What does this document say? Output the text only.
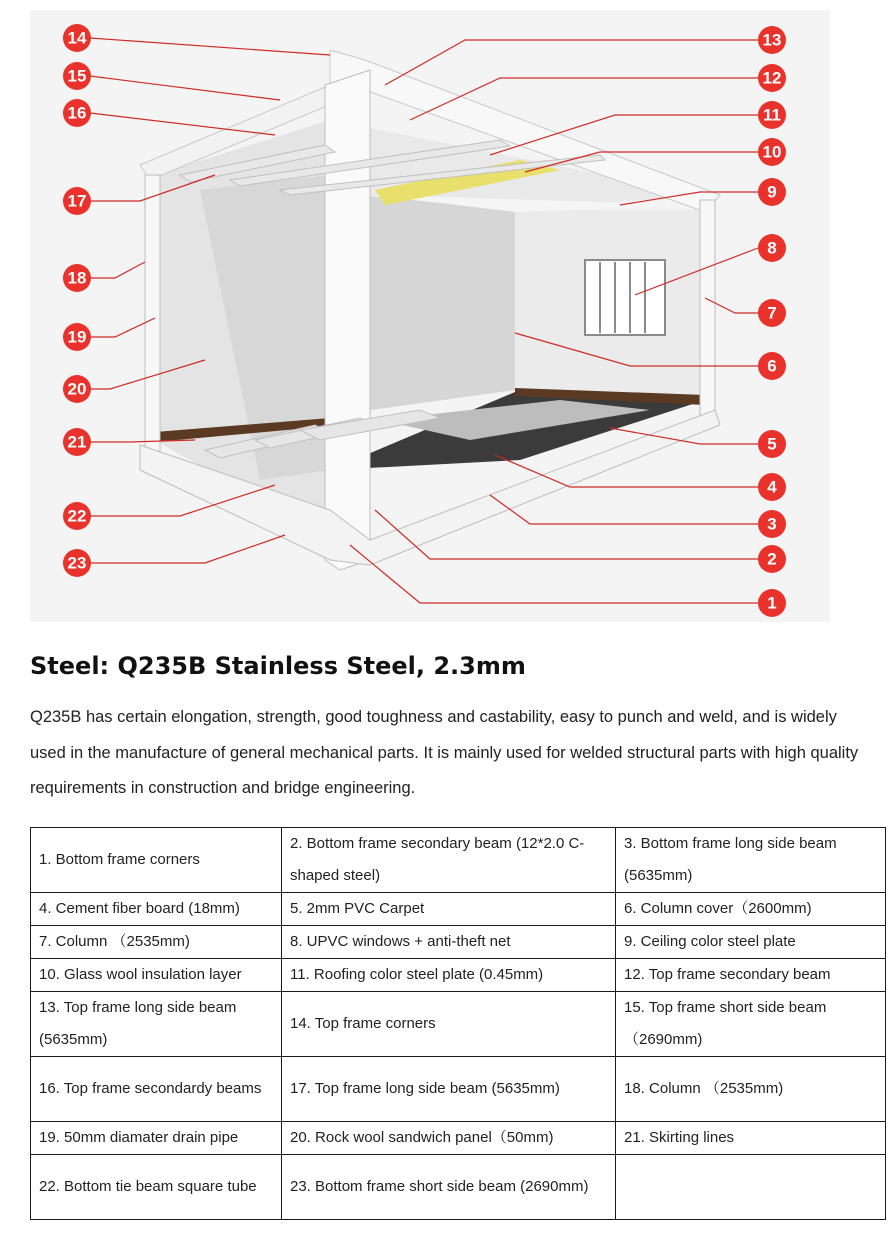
14
15
16
17
18
19
20
21
22
23
13
12
11
10
9
8
7
6
5
4
3
2
1
Steel: Q235B Stainless Steel, 2.3mm

Q235B has certain elongation, strength, good toughness and castability, easy to punch and weld, and is widely used in the manufacture of general mechanical parts. It is mainly used for welded structural parts with high quality requirements in construction and bridge engineering.

1. Bottom frame corners	2. Bottom frame secondary beam (12*2.0 C-shaped steel)	3. Bottom frame long side beam (5635mm)
4. Cement fiber board (18mm)	5. 2mm PVC Carpet	6. Column cover（2600mm)
7. Column （2535mm)	8. UPVC windows + anti-theft net	9. Ceiling color steel plate
10. Glass wool insulation layer	11. Roofing color steel plate (0.45mm)	12. Top frame secondary beam
13. Top frame long side beam (5635mm)	14. Top frame corners	15. Top frame short side beam（2690mm)
16. Top frame secondardy beams	17. Top frame long side beam (5635mm)	18. Column （2535mm)
19. 50mm diamater drain pipe	20. Rock wool sandwich panel（50mm)	21. Skirting lines
22. Bottom tie beam square tube	23. Bottom frame short side beam (2690mm)	
